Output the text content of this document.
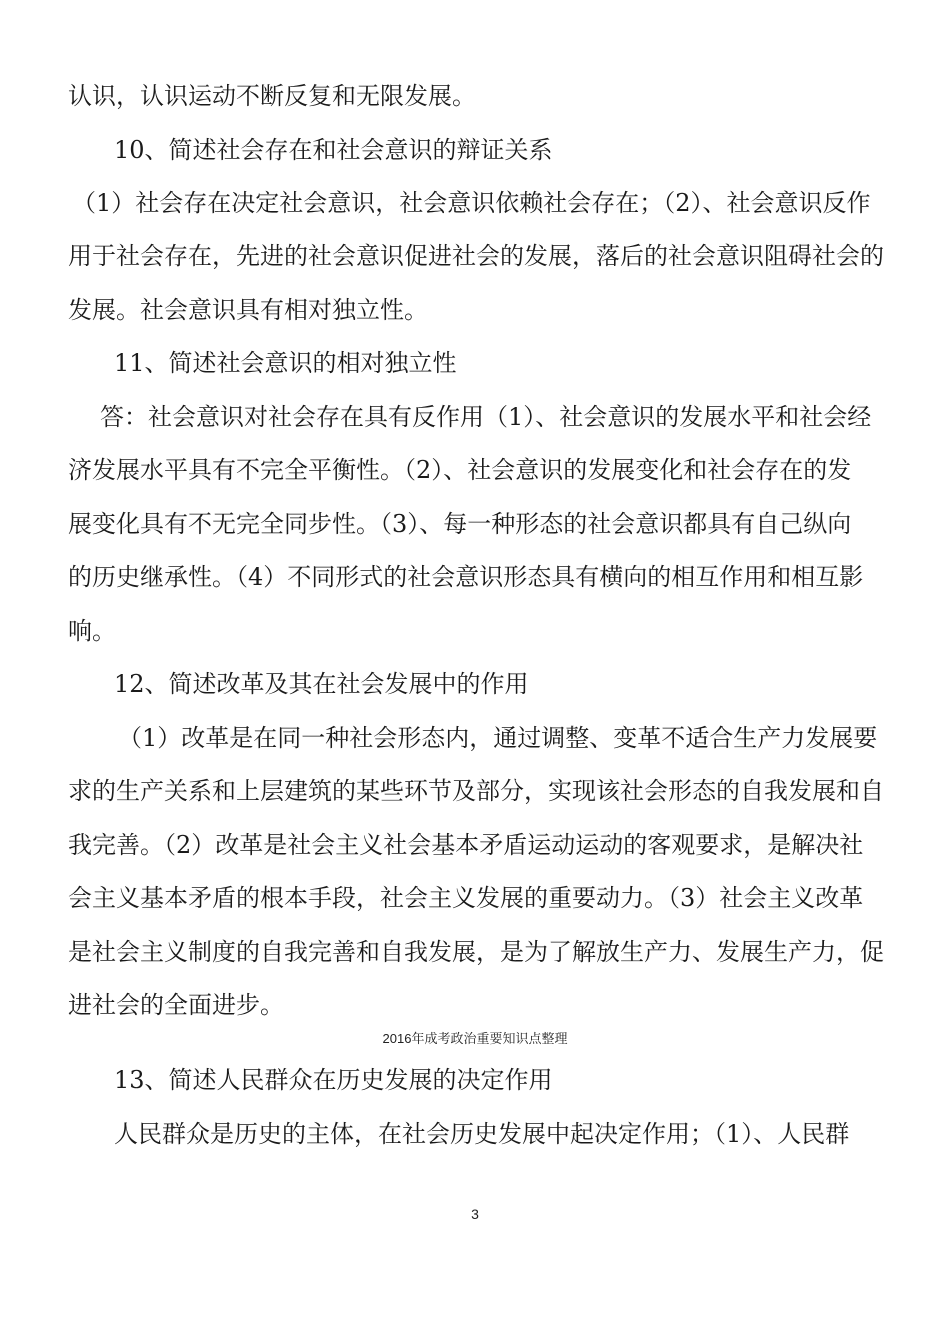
认识，认识运动不断反复和无限发展。
10、简述社会存在和社会意识的辩证关系
（1）社会存在决定社会意识，社会意识依赖社会存在；（2）、社会意识反作
用于社会存在，先进的社会意识促进社会的发展，落后的社会意识阻碍社会的
发展。社会意识具有相对独立性。
11、简述社会意识的相对独立性
答：社会意识对社会存在具有反作用（1）、社会意识的发展水平和社会经
济发展水平具有不完全平衡性。（2）、社会意识的发展变化和社会存在的发
展变化具有不无完全同步性。（3）、每一种形态的社会意识都具有自己纵向
的历史继承性。（4）不同形式的社会意识形态具有横向的相互作用和相互影
响。
12、简述改革及其在社会发展中的作用
（1）改革是在同一种社会形态内，通过调整、变革不适合生产力发展要
求的生产关系和上层建筑的某些环节及部分，实现该社会形态的自我发展和自
我完善。（2）改革是社会主义社会基本矛盾运动运动的客观要求，是解决社
会主义基本矛盾的根本手段，社会主义发展的重要动力。（3）社会主义改革
是社会主义制度的自我完善和自我发展，是为了解放生产力、发展生产力，促
进社会的全面进步。
2016年成考政治重要知识点整理
13、简述人民群众在历史发展的决定作用
人民群众是历史的主体，在社会历史发展中起决定作用；（1）、人民群
3
